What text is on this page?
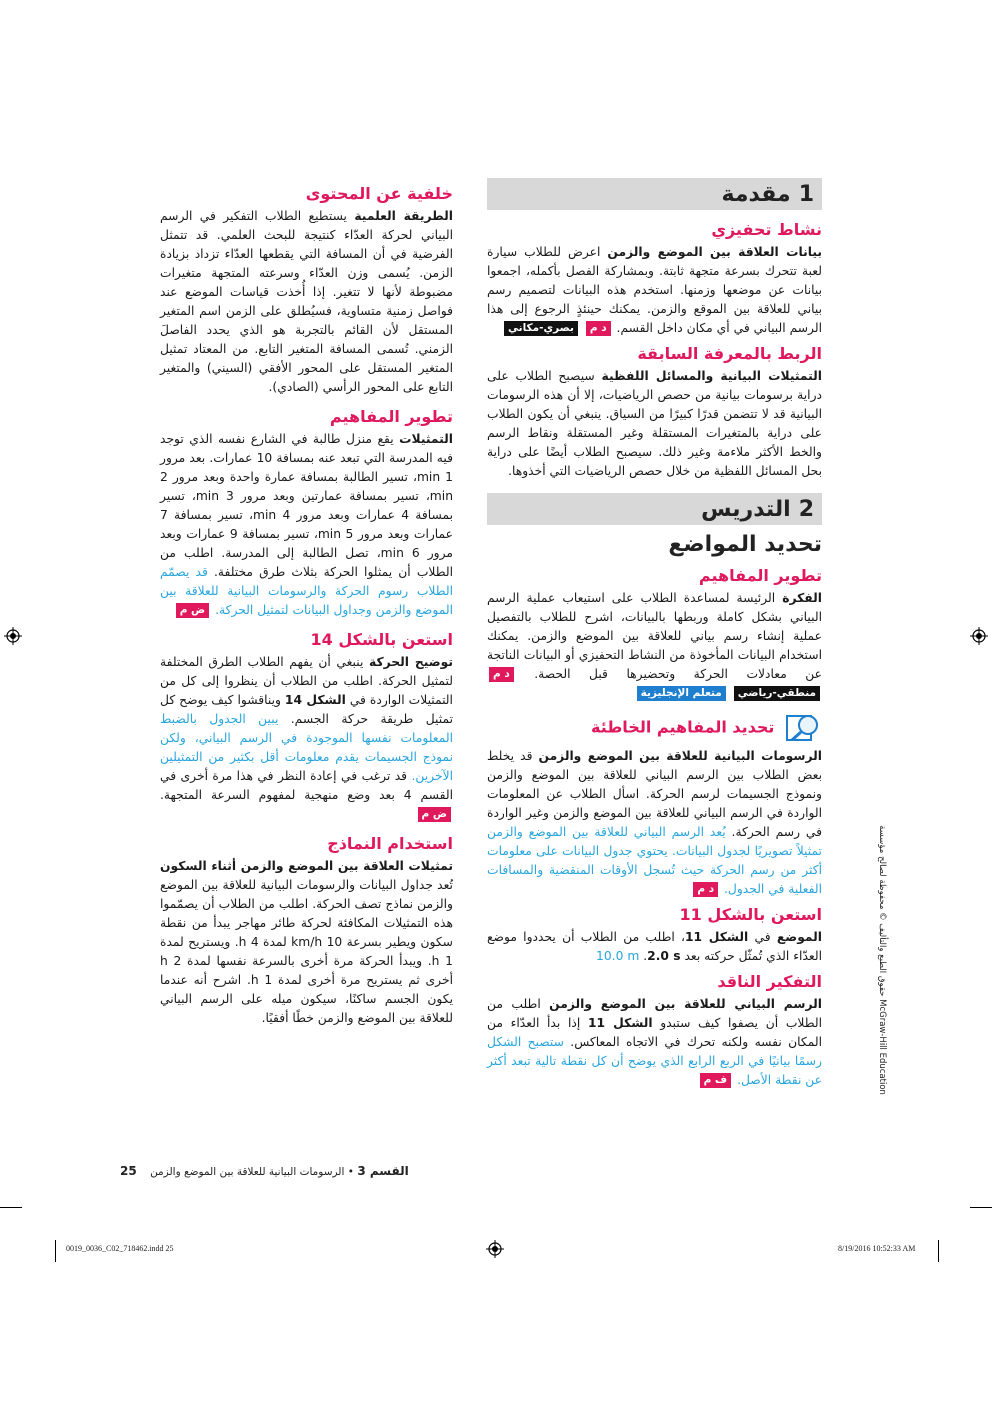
1
مقدمة
نشاط تحفيزي

بيانات العلاقة بين الموضع والزمن اعرض للطلاب سيارة لعبة تتحرك بسرعة متجهة ثابتة. وبمشاركة الفصل بأكمله، اجمعوا بيانات عن موضعها وزمنها. استخدم هذه البيانات لتصميم رسم بياني للعلاقة بين الموقع والزمن. يمكنك حينئذٍ الرجوع إلى هذا الرسم البياني في أي مكان داخل القسم. د م بصري-مكاني

الربط بالمعرفة السابقة

التمثيلات البيانية والمسائل اللفظية سيصبح الطلاب على دراية برسومات بيانية من حصص الرياضيات، إلا أن هذه الرسومات البيانية قد لا تتضمن قدرًا كبيرًا من السياق. ينبغي أن يكون الطلاب على دراية بالمتغيرات المستقلة وغير المستقلة ونقاط الرسم والخط الأكثر ملاءمة وغير ذلك. سيصبح الطلاب أيضًا على دراية بحل المسائل اللفظية من خلال حصص الرياضيات التي أخذوها.

2
التدريس
تحديد المواضع
تطوير المفاهيم

الفكرة الرئيسة لمساعدة الطلاب على استيعاب عملية الرسم البياني بشكل كاملة وربطها بالبيانات، اشرح للطلاب بالتفصيل عملية إنشاء رسم بياني للعلاقة بين الموضع والزمن. يمكنك استخدام البيانات المأخوذة من النشاط التحفيزي أو البيانات الناتجة عن معادلات الحركة وتحضيرها قبل الحصة. د م منطقي-رياضي متعلم الإنجليزية

تحديد المفاهيم الخاطئة

الرسومات البيانية للعلاقة بين الموضع والزمن قد يخلط بعض الطلاب بين الرسم البياني للعلاقة بين الموضع والزمن ونموذج الجسيمات لرسم الحركة. اسأل الطلاب عن المعلومات الواردة في الرسم البياني للعلاقة بين الموضع والزمن وغير الواردة في رسم الحركة. يُعد الرسم البياني للعلاقة بين الموضع والزمن تمثيلاً تصويريًا لجدول البيانات. يحتوي جدول البيانات على معلومات أكثر من رسم الحركة حيث تُسجل الأوقات المنقضية والمسافات الفعلية في الجدول. د م

استعن بالشكل 11

الموضع في الشكل 11، اطلب من الطلاب أن يحددوا موضع العدّاء الذي تُمثّل حركته بعد 2.0 s. 10.0 m

التفكير الناقد

الرسم البياني للعلاقة بين الموضع والزمن اطلب من الطلاب أن يصفوا كيف ستبدو الشكل 11 إذا بدأ العدّاء من المكان نفسه ولكنه تحرك في الاتجاه المعاكس. ستصبح الشكل رسمًا بيانيًا في الربع الرابع الذي يوضح أن كل نقطة تالية تبعد أكثر عن نقطة الأصل. ف م

خلفية عن المحتوى

الطريقة العلمية يستطيع الطلاب التفكير في الرسم البياني لحركة العدّاء كنتيجة للبحث العلمي. قد تتمثل الفرضية في أن المسافة التي يقطعها العدّاء تزداد بزيادة الزمن. يُسمى وزن العدّاء وسرعته المتجهة متغيرات مضبوطة لأنها لا تتغير. إذا أُخذت قياسات الموضع عند فواصل زمنية متساوية، فسيُطلق على الزمن اسم المتغير المستقل لأن القائم بالتجربة هو الذي يحدد الفاصلَ الزمني. تُسمى المسافة المتغير التابع. من المعتاد تمثيل المتغير المستقل على المحور الأفقي (السيني) والمتغير التابع على المحور الرأسي (الصادي).

تطوير المفاهيم

التمثيلات يقع منزل طالبة في الشارع نفسه الذي توجد فيه المدرسة التي تبعد عنه بمسافة 10 عمارات. بعد مرور 1 min، تسير الطالبة بمسافة عمارة واحدة وبعد مرور 2 min، تسير بمسافة عمارتين وبعد مرور 3 min، تسير بمسافة 4 عمارات وبعد مرور 4 min، تسير بمسافة 7 عمارات وبعد مرور 5 min، تسير بمسافة 9 عمارات وبعد مرور 6 min، تصل الطالبة إلى المدرسة. اطلب من الطلاب أن يمثلوا الحركة بثلاث طرق مختلفة. قد يصمّم الطلاب رسوم الحركة والرسومات البيانية للعلاقة بين الموضع والزمن وجداول البيانات لتمثيل الحركة. ض م

استعن بالشكل 14

توضيح الحركة ينبغي أن يفهم الطلاب الطرق المختلفة لتمثيل الحركة. اطلب من الطلاب أن ينظروا إلى كل من التمثيلات الواردة في الشكل 14 ويناقشوا كيف يوضح كل تمثيل طريقة حركة الجسم. يبين الجدول بالضبط المعلومات نفسها الموجودة في الرسم البياني، ولكن نموذج الجسيمات يقدم معلومات أقل بكثير من التمثيلين الآخرين. قد ترغب في إعادة النظر في هذا مرة أخرى في القسم 4 بعد وضع منهجية لمفهوم السرعة المتجهة. ض م

استخدام النماذج

تمثيلات العلاقة بين الموضع والزمن أثناء السكون تُعد جداول البيانات والرسومات البيانية للعلاقة بين الموضع والزمن نماذج تصف الحركة. اطلب من الطلاب أن يصمّموا هذه التمثيلات المكافئة لحركة طائر مهاجر يبدأ من نقطة سكون ويطير بسرعة 10 km/h لمدة 4 h. ويستريح لمدة 1 h. ويبدأ الحركة مرة أخرى بالسرعة نفسها لمدة 2 h أخرى ثم يستريح مرة أخرى لمدة 1 h. اشرح أنه عندما يكون الجسم ساكنًا، سيكون ميله على الرسم البياني للعلاقة بين الموضع والزمن خطًا أفقيًا.

حقوق الطبع والتأليف © محفوظة لصالح مؤسسة McGraw-Hill Education
القسم 3 • الرسومات البيانية للعلاقة بين الموضع والزمن    25
0019_0036_C02_718462.indd 25	8/19/2016 10:52:33 AM
